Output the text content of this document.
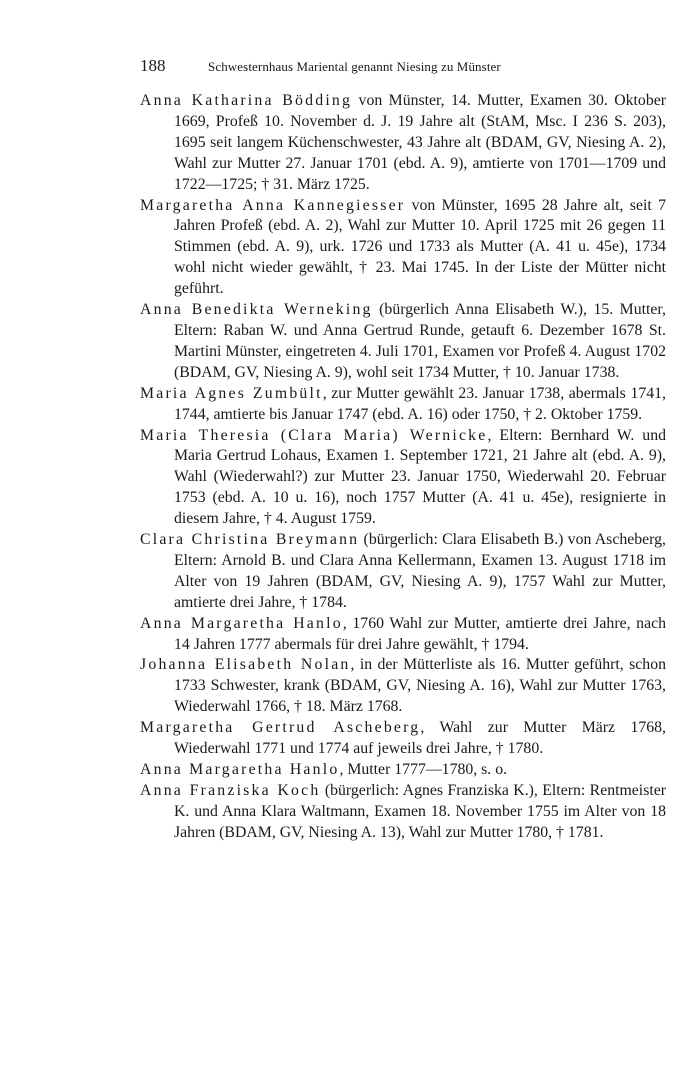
188	Schwesternhaus Mariental genannt Niesing zu Münster

Anna Katharina Bödding von Münster, 14. Mutter, Examen 30. Oktober 1669, Profeß 10. November d. J. 19 Jahre alt (StAM, Msc. I 236 S. 203), 1695 seit langem Küchenschwester, 43 Jahre alt (BDAM, GV, Niesing A. 2), Wahl zur Mutter 27. Januar 1701 (ebd. A. 9), amtierte von 1701—1709 und 1722—1725; † 31. März 1725.

Margaretha Anna Kannegiesser von Münster, 1695 28 Jahre alt, seit 7 Jahren Profeß (ebd. A. 2), Wahl zur Mutter 10. April 1725 mit 26 gegen 11 Stimmen (ebd. A. 9), urk. 1726 und 1733 als Mutter (A. 41 u. 45e), 1734 wohl nicht wieder gewählt, † 23. Mai 1745. In der Liste der Mütter nicht geführt.

Anna Benedikta Werneking (bürgerlich Anna Elisabeth W.), 15. Mutter, Eltern: Raban W. und Anna Gertrud Runde, getauft 6. Dezember 1678 St. Martini Münster, eingetreten 4. Juli 1701, Examen vor Profeß 4. August 1702 (BDAM, GV, Niesing A. 9), wohl seit 1734 Mutter, † 10. Januar 1738.

Maria Agnes Zumbült, zur Mutter gewählt 23. Januar 1738, abermals 1741, 1744, amtierte bis Januar 1747 (ebd. A. 16) oder 1750, † 2. Oktober 1759.

Maria Theresia (Clara Maria) Wernicke, Eltern: Bernhard W. und Maria Gertrud Lohaus, Examen 1. September 1721, 21 Jahre alt (ebd. A. 9), Wahl (Wiederwahl?) zur Mutter 23. Januar 1750, Wiederwahl 20. Februar 1753 (ebd. A. 10 u. 16), noch 1757 Mutter (A. 41 u. 45e), resignierte in diesem Jahre, † 4. August 1759.

Clara Christina Breymann (bürgerlich: Clara Elisabeth B.) von Ascheberg, Eltern: Arnold B. und Clara Anna Kellermann, Examen 13. August 1718 im Alter von 19 Jahren (BDAM, GV, Niesing A. 9), 1757 Wahl zur Mutter, amtierte drei Jahre, † 1784.

Anna Margaretha Hanlo, 1760 Wahl zur Mutter, amtierte drei Jahre, nach 14 Jahren 1777 abermals für drei Jahre gewählt, † 1794.

Johanna Elisabeth Nolan, in der Mütterliste als 16. Mutter geführt, schon 1733 Schwester, krank (BDAM, GV, Niesing A. 16), Wahl zur Mutter 1763, Wiederwahl 1766, † 18. März 1768.

Margaretha Gertrud Ascheberg, Wahl zur Mutter März 1768, Wiederwahl 1771 und 1774 auf jeweils drei Jahre, † 1780.

Anna Margaretha Hanlo, Mutter 1777—1780, s. o.

Anna Franziska Koch (bürgerlich: Agnes Franziska K.), Eltern: Rentmeister K. und Anna Klara Waltmann, Examen 18. November 1755 im Alter von 18 Jahren (BDAM, GV, Niesing A. 13), Wahl zur Mutter 1780, † 1781.
